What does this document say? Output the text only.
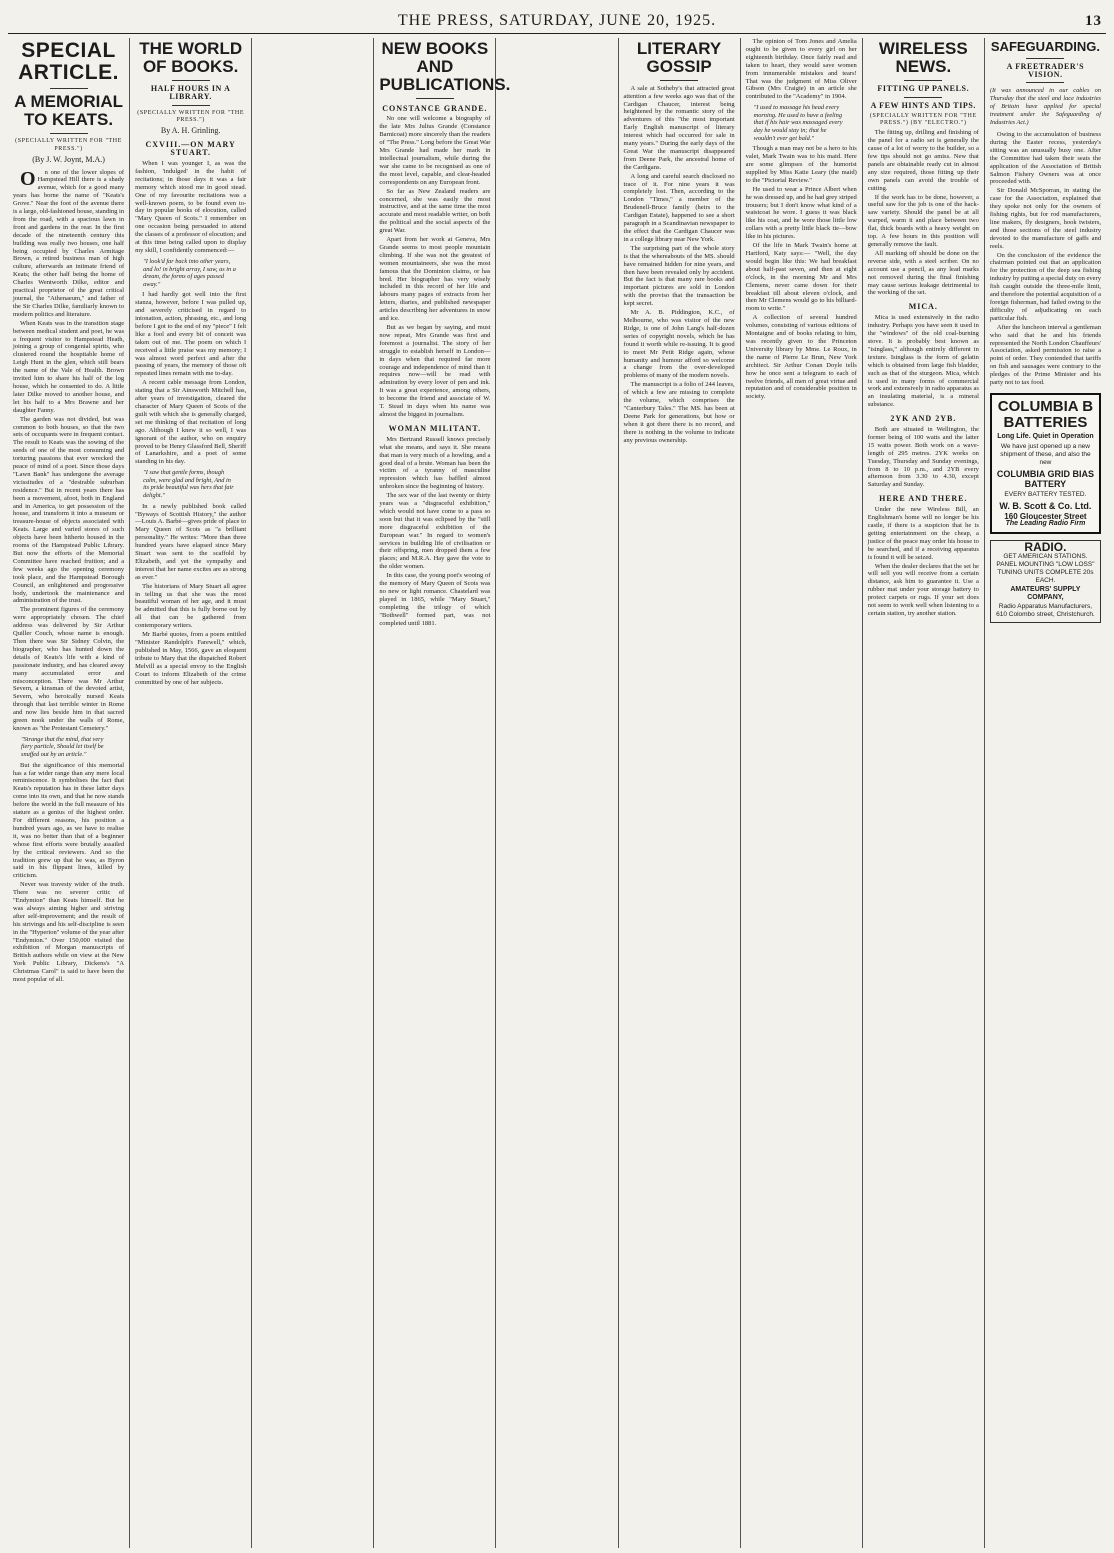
THE PRESS, SATURDAY, JUNE 20, 1925.	13
SPECIAL ARTICLE.
A MEMORIAL TO KEATS.
(SPECIALLY WRITTEN FOR "THE PRESS.")
(By J. W. Joynt, M.A.)

O n one of the lower slopes of Hampstead Hill there is a shady avenue, which for a good many years has borne the name of "Keats's Grove." Near the foot of the avenue there is a large, old-fashioned house, standing in from the road, with a spacious lawn in front and gardens in the rear. In the first decade of the nineteenth century this building was really two houses, one half being occupied by Charles Armitage Brown, a retired business man of high culture, afterwards an intimate friend of Keats; the other half being the home of Charles Wentworth Dilke, editor and practical proprietor of the great critical journal, the "Athenaeum," and father of the Sir Charles Dilke, familiarly known to modern politics and literature.

When Keats was in the transition stage between medical student and poet, he was a frequent visitor to Hampstead Heath, joining a group of congenial spirits, who clustered round the hospitable home of Leigh Hunt in the glen, which still bears the name of the Vale of Health. Brown invited him to share his half of the log house, which he consented to do. A little later Dilke moved to another house, and let his half to a Mrs Brawne and her daughter Fanny.

The garden was not divided, but was common to both houses, so that the two sets of occupants were in frequent contact. The result to Keats was the sowing of the seeds of one of the most consuming and torturing passions that ever wrecked the peace of mind of a poet. Since those days "Lawn Bank" has undergone the average vicissitudes of a "desirable suburban residence." But in recent years there has been a movement, afoot, both in England and in America, to get possession of the house, and transform it into a museum or treasure-house of objects associated with Keats. Large and varied stores of such objects have been hitherto housed in the rooms of the Hampstead Public Library. But now the efforts of the Memorial Committee have reached fruition; and a few weeks ago the opening ceremony took place, and the Hampstead Borough Council, an enlightened and progressive body, undertook the maintenance and administration of the trust.

The prominent figures of the ceremony were appropriately chosen. The chief address was delivered by Sir Arthur Quiller Couch, whose name is enough. Then there was Sir Sidney Colvin, the biographer, who has hunted down the details of Keats's life with a kind of passionate industry, and has cleared away many accumulated error and misconception. There was Mr Arthur Severn, a kinsman of the devoted artist, Severn, who heroically nursed Keats through that last terrible winter in Rome and now lies beside him in that sacred green nook under the walls of Rome, known as "the Protestant Cemetery."

"Strange that the mind, that very fiery particle, Should let itself be snuffed out by an article."

But the significance of this memorial has a far wider range than any mere local reminiscence. It symbolises the fact that Keats's reputation has in these latter days come into its own, and that he now stands before the world in the full measure of his stature as a genius of the highest order. For different reasons, his position a hundred years ago, as we have to realise it, was no better than that of a beginner whose first efforts were brutally assailed by the critical reviewers. And so the tradition grew up that he was, as Byron said in his flippant lines, killed by criticism.

Never was travesty wider of the truth. There was no severer critic of "Endymion" than Keats himself. But he was always aiming higher and striving after self-improvement; and the result of his strivings and his self-discipline is seen in the "Hyperion" volume of the year after "Endymion." Over 150,000 visited the exhibition of Morgan manuscripts of British authors while on view at the New York Public Library, Dickens's "A Christmas Carol" is said to have been the most popular of all.

THE WORLD OF BOOKS.
HALF HOURS IN A LIBRARY.
(SPECIALLY WRITTEN FOR "THE PRESS.")
By A. H. Grinling.
CXVIII.—ON MARY STUART.

When I was younger I, as was the fashion, 'indulged' in the habit of recitations; in those days it was a fair memory which stood me in good stead. One of my favourite recitations was a well-known poem, to be found even to-day in popular books of elocution, called "Mary Queen of Scots." I remember on one occasion being persuaded to attend the classes of a professor of elocution; and at this time being called upon to display my skill, I confidently commenced:—

"I look'd far back into other years, and lo! in bright array, I saw, as in a dream, the forms of ages passed away."

I had hardly got well into the first stanza, however, before I was pulled up, and severely criticised in regard to intonation, action, phrasing, etc., and long before I got to the end of my "piece" I felt like a fool and every bit of conceit was taken out of me. The poem on which I received a little praise was my memory; I was almost word perfect and after the passing of years, the memory of those oft repeated lines remain with me to-day.

A recent cable message from London, stating that a Sir Ainsworth Mitchell has, after years of investigation, cleared the character of Mary Queen of Scots of the guilt with which she is generally charged, set me thinking of that recitation of long ago. Although I knew it so well, I was ignorant of the author, who on enquiry proved to be Henry Glassford Bell, Sheriff of Lanarkshire, and a poet of some standing in his day.

"I saw that gentle forms, though calm, were glad and bright, And in its pride beautiful was hers that fair delight."

In a newly published book called "Byways of Scottish History," the author—Louis A. Barbé—gives pride of place to Mary Queen of Scots as "a brilliant personality." He writes: "More than three hundred years have elapsed since Mary Stuart was sent to the scaffold by Elizabeth, and yet the sympathy and interest that her name excites are as strong as ever."

The historians of Mary Stuart all agree in telling us that she was the most beautiful woman of her age, and it must be admitted that this is fully borne out by all that can be gathered from contemporary writers.

Mr Barbé quotes, from a poem entitled "Minister Randolph's Farewell," which, published in May, 1566, gave an eloquent tribute to Mary that the dispatched Robert Melvill as a special envoy to the English Court to inform Elizabeth of the crime committed by one of her subjects.

NEW BOOKS AND PUBLICATIONS.
CONSTANCE GRANDE.

No one will welcome a biography of the late Mrs Julius Grande (Constance Barnicoat) more sincerely than the readers of "The Press." Long before the Great War Mrs Grande had made her mark in intellectual journalism, while during the war she came to be recognised as one of the most level, capable, and clear-headed correspondents on any European front.

So far as New Zealand readers are concerned, she was easily the most instructive, and at the same time the most accurate and most readable writer, on both the political and the social aspects of the great War.

Apart from her work at Geneva, Mrs Grande seems to most people mountain climbing. If she was not the greatest of women mountaineers, she was the most famous that the Dominion claims, or has bred. Her biographer has very wisely included in this record of her life and labours many pages of extracts from her letters, diaries, and published newspaper articles describing her adventures in snow and ice.

But as we began by saying, and must now repeat, Mrs Grande was first and foremost a journalist. The story of her struggle to establish herself in London—in days when that required far more courage and independence of mind than it requires now—will be read with admiration by every lover of pen and ink. It was a great experience, among others, to become the friend and associate of W. T. Stead in days when his name was almost the biggest in journalism.

WOMAN MILITANT.

Mrs Bertrand Russell knows precisely what she means, and says it. She means that man is very much of a howling, and a good deal of a brute. Woman has been the victim of a tyranny of masculine repression which has baffled almost unbroken since the beginning of history.

The sex war of the last twenty or thirty years was a "disgraceful exhibition," which would not have come to a pass so soon but that it was eclipsed by the "still more disgraceful exhibition of the European war." In regard to women's services in building life of civilisation or their offspring, men dropped them a few places; and M.R.A. Hay gave the vote to the older women.

In this case, the young poet's wooing of the memory of Mary Queen of Scots was no new or light romance. Chastelard was played in 1865, while "Mary Stuart," completing the trilogy of which "Bothwell" formed part, was not completed until 1881.

LITERARY GOSSIP

A sale at Sotheby's that attracted great attention a few weeks ago was that of the Cardigan Chaucer, interest being heightened by the romantic story of the adventures of this "the most important Early English manuscript of literary interest which had occurred for sale in many years." During the early days of the Great War the manuscript disappeared from Deene Park, the ancestral home of the Cardigans.

A long and careful search disclosed no trace of it. For nine years it was completely lost. Then, according to the London "Times," a member of the Brudenell-Bruce family (heirs to the Cardigan Estate), happened to see a short paragraph in a Scandinavian newspaper to the effect that the Cardigan Chaucer was in a college library near New York.

The surprising part of the whole story is that the whereabouts of the MS. should have remained hidden for nine years, and then have been revealed only by accident. But the fact is that many rare books and important pictures are sold in London with the proviso that the transaction be kept secret.

Mr A. B. Piddington, K.C., of Melbourne, who was visitor of the new Ridge, is one of John Lang's half-dozen series of copyright novels, which he has found it worth while re-issuing. It is good to meet Mr Petit Ridge again, whose humanity and humour afford so welcome a change from the over-developed problems of many of the modern novels.

The manuscript is a folio of 244 leaves, of which a few are missing to complete the volume, which comprises the "Canterbury Tales." The MS. has been at Deene Park for generations, but how or when it got there there is no record, and there is nothing in the volume to indicate any previous ownership.

The opinion of Tom Jones and Amelia ought to be given to every girl on her eighteenth birthday. Once fairly read and taken to heart, they would save women from innumerable mistakes and tears! That was the judgment of Miss Oliver Gibson (Mrs Craigie) in an article she contributed to the "Academy" in 1904.

"I used to massage his head every morning. He used to have a feeling that if his hair was massaged every day he would stay in; that he wouldn't ever get bald."

Though a man may not be a hero to his valet, Mark Twain was to his maid. Here are some glimpses of the humorist supplied by Miss Katie Leary (the maid) to the "Pictorial Review."

He used to wear a Prince Albert when he was dressed up, and he had grey striped trousers; but I don't know what kind of a waistcoat he wore. I guess it was black like his coat, and he wore those little low collars with a pretty little black tie—bow like in his pictures.

Of the life in Mark Twain's home at Hartford, Katy says:— "Well, the day would begin like this: We had breakfast about half-past seven, and then at eight o'clock, in the morning Mr and Mrs Clemens, never came down for their breakfast till about eleven o'clock, and then Mr Clemens would go to his billiard-room to write."

A collection of several hundred volumes, consisting of various editions of Montaigne and of books relating to him, was recently given to the Princeton University library by Mme. Le Roux, in the name of Pierre Le Brun, New York architect. Sir Arthur Conan Doyle tells how he once sent a telegram to each of twelve friends, all men of great virtue and reputation and of considerable position in society.

WIRELESS NEWS.
FITTING UP PANELS.
A FEW HINTS AND TIPS.
(SPECIALLY WRITTEN FOR "THE PRESS.") (BY "ELECTRO.")

The fitting up, drilling and finishing of the panel for a radio set is generally the cause of a lot of worry to the builder, so a few tips should not go amiss. New that panels are obtainable ready cut in almost any size required, those fitting up their own panels can avoid the trouble of cutting.

If the work has to be done, however, a useful saw for the job is one of the hack-saw variety. Should the panel be at all warped, warm it and place between two flat, thick boards with a heavy weight on top. A few hours in this position will generally remove the fault.

All marking off should be done on the reverse side, with a steel scriber. On no account use a pencil, as any lead marks not removed during the final finishing may cause serious leakage detrimental to the working of the set.

MICA.

Mica is used extensively in the radio industry. Perhaps you have seen it used in the "windows" of the old coal-burning stove. It is probably best known as "isinglass," although entirely different in texture. Isinglass is the form of gelatin which is obtained from large fish bladder, such as that of the sturgeon. Mica, which is used in many forms of commercial work and extensively in radio apparatus as an insulating material, is a mineral substance.

2YK AND 2YB.

Both are situated in Wellington, the former being of 100 watts and the latter 15 watts power. Both work on a wave-length of 295 metres. 2YK works on Tuesday, Thursday and Sunday evenings, from 8 to 10 p.m., and 2YB every afternoon from 3.30 to 4.30, except Saturday and Sunday.

HERE AND THERE.

Under the new Wireless Bill, an Englishman's home will no longer be his castle, if there is a suspicion that he is getting entertainment on the cheap, a justice of the peace may order his house to be searched, and if a receiving apparatus is found it will be seized.

When the dealer declares that the set he will sell you will receive from a certain distance, ask him to guarantee it. Use a rubber mat under your storage battery to protect carpets or rugs. If your set does not seem to work well when listening to a certain station, try another station.

SAFEGUARDING.
A FREETRADER'S VISION.
(It was announced in our cables on Thursday that the steel and lace industries of Britain have applied for special treatment under the Safeguarding of Industries Act.)

Owing to the accumulation of business during the Easter recess, yesterday's sitting was an unusually busy one. After the Committee had taken their seats the application of the Association of British Salmon Fishery Owners was at once proceeded with.

Sir Donald McSporran, in stating the case for the Association, explained that they spoke not only for the owners of fishing rights, but for rod manufacturers, line makers, fly designers, hook twisters, and those sections of the steel industry devoted to the manufacture of gaffs and reels.

On the conclusion of the evidence the chairman pointed out that an application for the protection of the deep sea fishing industry by putting a special duty on every fish caught outside the three-mile limit, and therefore the potential acquisition of a foreign fisherman, had failed owing to the difficulty of adjudicating on each particular fish.

After the luncheon interval a gentleman who said that he and his friends represented the North London Chauffeurs' Association, asked permission to raise a point of order. They contended that tariffs on fish and sausages were contrary to the pledges of the Prime Minister and his party not to tax food.

COLUMBIA B BATTERIES
Long Life. Quiet in Operation
We have just opened up a new shipment of these, and also the new
COLUMBIA GRID BIAS BATTERY
EVERY BATTERY TESTED.
W. B. Scott & Co. Ltd.
160 Gloucester Street
The Leading Radio Firm
RADIO.
GET AMERICAN STATIONS. PANEL MOUNTING "LOW LOSS" TUNING UNITS COMPLETE 20s EACH.
AMATEURS' SUPPLY COMPANY,
Radio Apparatus Manufacturers, 610 Colombo street, Christchurch.
